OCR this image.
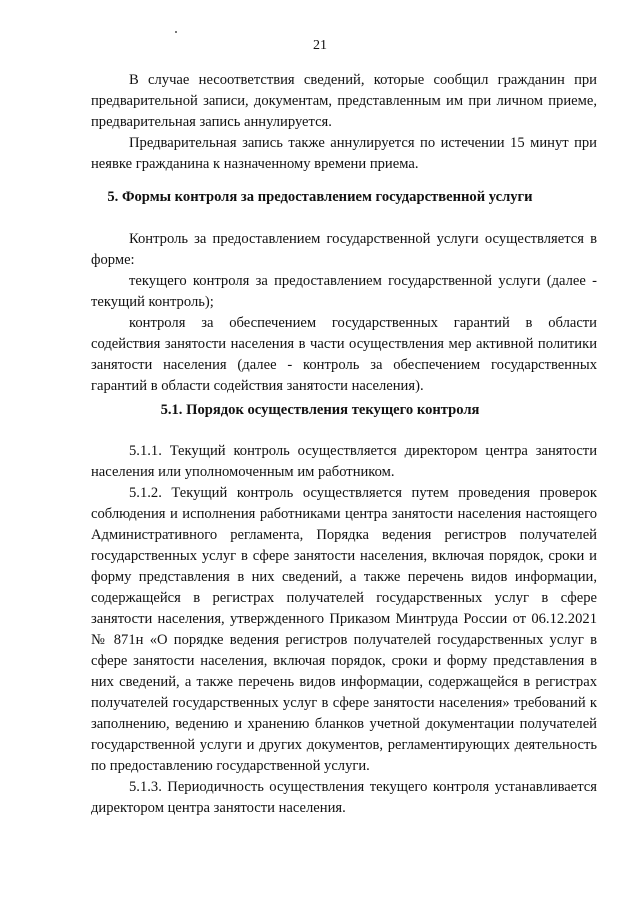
21

В случае несоответствия сведений, которые сообщил гражданин при предварительной записи, документам, представленным им при личном приеме, предварительная запись аннулируется.

Предварительная запись также аннулируется по истечении 15 минут при неявке гражданина к назначенному времени приема.

5. Формы контроля за предоставлением государственной услуги

Контроль за предоставлением государственной услуги осуществляется в форме:

текущего контроля за предоставлением государственной услуги (далее - текущий контроль);

контроля за обеспечением государственных гарантий в области содействия занятости населения в части осуществления мер активной политики занятости населения (далее - контроль за обеспечением государственных гарантий в области содействия занятости населения).

5.1. Порядок осуществления текущего контроля

5.1.1. Текущий контроль осуществляется директором центра занятости населения или уполномоченным им работником.

5.1.2. Текущий контроль осуществляется путем проведения проверок соблюдения и исполнения работниками центра занятости населения настоящего Административного регламента, Порядка ведения регистров получателей государственных услуг в сфере занятости населения, включая порядок, сроки и форму представления в них сведений, а также перечень видов информации, содержащейся в регистрах получателей государственных услуг в сфере занятости населения, утвержденного Приказом Минтруда России от 06.12.2021 № 871н «О порядке ведения регистров получателей государственных услуг в сфере занятости населения, включая порядок, сроки и форму представления в них сведений, а также перечень видов информации, содержащейся в регистрах получателей государственных услуг в сфере занятости населения» требований к заполнению, ведению и хранению бланков учетной документации получателей государственной услуги и других документов, регламентирующих деятельность по предоставлению государственной услуги.

5.1.3. Периодичность осуществления текущего контроля устанавливается директором центра занятости населения.
